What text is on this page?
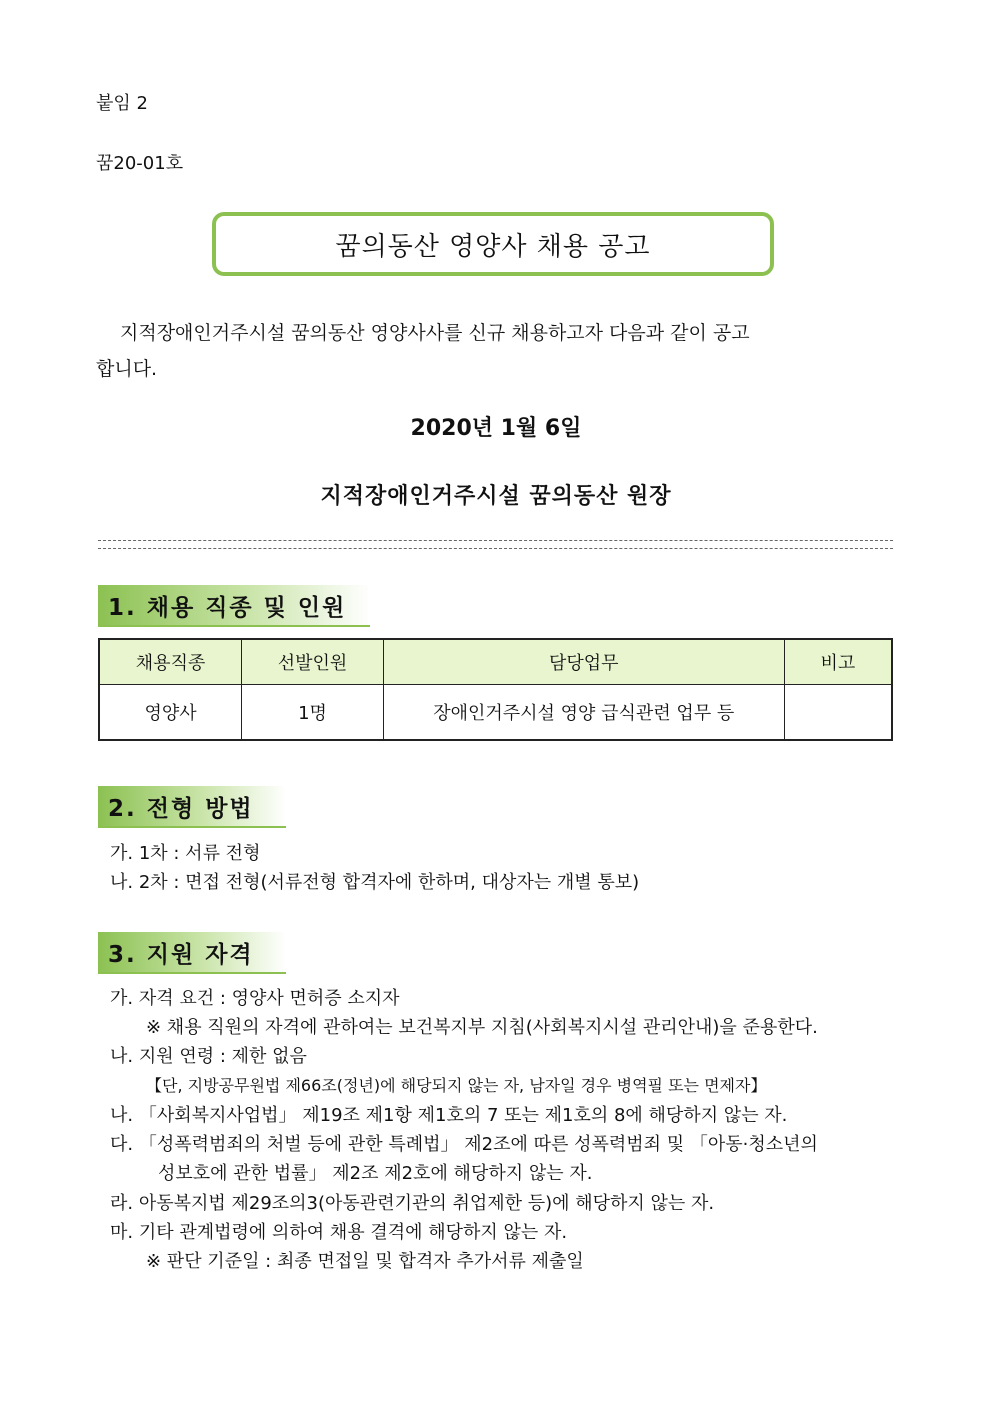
붙임 2
꿈20-01호
꿈의동산 영양사 채용 공고
지적장애인거주시설 꿈의동산 영양사사를 신규 채용하고자 다음과 같이 공고
합니다.
2020년 1월 6일
지적장애인거주시설 꿈의동산 원장
1. 채용 직종 및 인원
채용직종	선발인원	담당업무	비고
영양사	1명	장애인거주시설 영양 급식관련 업무 등	
2. 전형 방법
가. 1차 : 서류 전형
나. 2차 : 면접 전형(서류전형 합격자에 한하며, 대상자는 개별 통보)
3. 지원 자격
가. 자격 요건 : 영양사 면허증 소지자
※ 채용 직원의 자격에 관하여는 보건복지부 지침(사회복지시설 관리안내)을 준용한다.
나. 지원 연령 : 제한 없음
【단, 지방공무원법 제66조(정년)에 해당되지 않는 자, 남자일 경우 병역필 또는 면제자】
나. 「사회복지사업법」 제19조 제1항 제1호의 7 또는 제1호의 8에 해당하지 않는 자.
다. 「성폭력범죄의 처벌 등에 관한 특례법」 제2조에 따른 성폭력범죄 및 「아동·청소년의
성보호에 관한 법률」 제2조 제2호에 해당하지 않는 자.
라. 아동복지법 제29조의3(아동관련기관의 취업제한 등)에 해당하지 않는 자.
마. 기타 관계법령에 의하여 채용 결격에 해당하지 않는 자.
※ 판단 기준일 : 최종 면접일 및 합격자 추가서류 제출일
